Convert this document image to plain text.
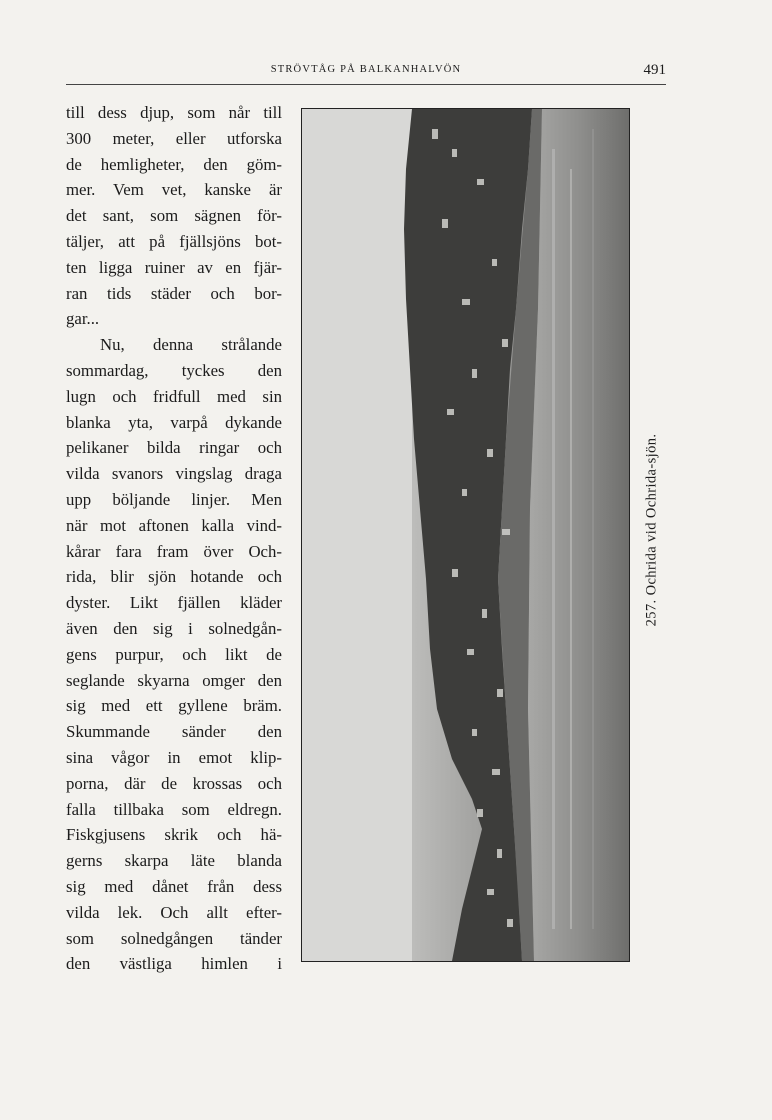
STRÖVTÅG PÅ BALKANHALVÖN	491
till dess djup, som når till
300 meter, eller utforska
de hemligheter, den göm-
mer. Vem vet, kanske är
det sant, som sägnen för-
täljer, att på fjällsjöns bot-
ten ligga ruiner av en fjär-
ran tids städer och bor-
gar...
Nu, denna strålande
sommardag, tyckes den
lugn och fridfull med sin
blanka yta, varpå dykande
pelikaner bilda ringar och
vilda svanors vingslag draga
upp böljande linjer. Men
när mot aftonen kalla vind-
kårar fara fram över Och-
rida, blir sjön hotande och
dyster. Likt fjällen kläder
även den sig i solnedgån-
gens purpur, och likt de
seglande skyarna omger den
sig med ett gyllene bräm.
Skummande sänder den
sina vågor in emot klip-
porna, där de krossas och
falla tillbaka som eldregn.
Fiskgjusens skrik och hä-
gerns skarpa läte blanda
sig med dånet från dess
vilda lek. Och allt efter-
som solnedgången tänder
den västliga himlen i
257. Ochrida vid Ochrida-sjön.
